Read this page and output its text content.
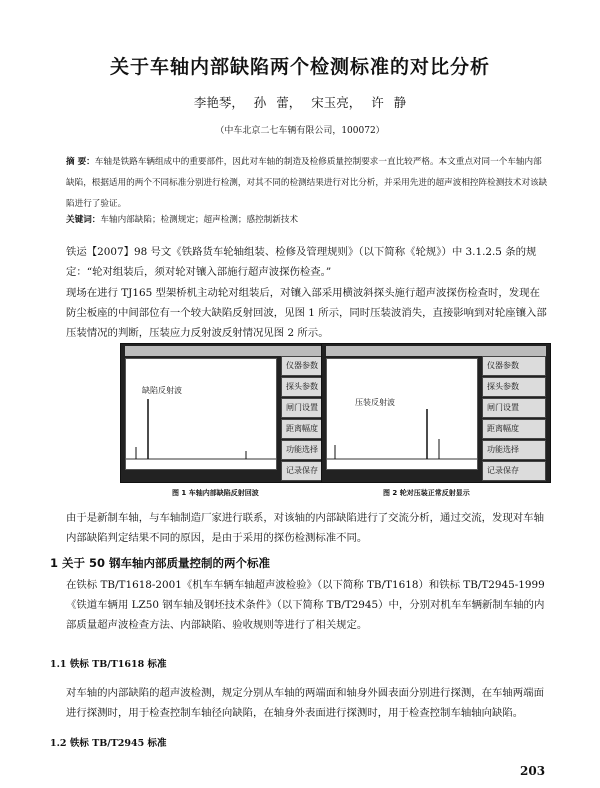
关于车轴内部缺陷两个检测标准的对比分析
李艳琴， 孙 蕾， 宋玉亮， 许 静
（中车北京二七车辆有限公司，100072）
摘 要：车轴是铁路车辆组成中的重要部件，因此对车轴的制造及检修质量控制要求一直比较严格。本文重点对同一个车轴内部缺陷，根据适用的两个不同标准分别进行检测，对其不同的检测结果进行对比分析，并采用先进的超声波相控阵检测技术对该缺陷进行了验证。
关键词：车轴内部缺陷；检测规定；超声检测；感控制新技术
铁运【2007】98 号文《铁路货车轮轴组装、检修及管理规则》（以下简称《轮规》）中 3.1.2.5 条的规定：“轮对组装后，须对轮对镶入部施行超声波探伤检查。”
现场在进行 TJ165 型架桥机主动轮对组装后，对镶入部采用横波斜探头施行超声波探伤检查时，发现在防尘板座的中间部位有一个较大缺陷反射回波，见图 1 所示，同时压装波消失，直接影响到对轮座镶入部压装情况的判断，压装应力反射波反射情况见图 2 所示。
缺陷反射波
仪器参数
探头参数
闸门设置
距离幅度
功能选择
记录保存
压装反射波
仪器参数
探头参数
闸门设置
距离幅度
功能选择
记录保存
图 1 车轴内部缺陷反射回波	图 2 轮对压装正常反射显示
由于是新制车轴，与车轴制造厂家进行联系，对该轴的内部缺陷进行了交流分析，通过交流，发现对车轴内部缺陷判定结果不同的原因，是由于采用的探伤检测标准不同。
1 关于 50 钢车轴内部质量控制的两个标准
在铁标 TB/T1618-2001《机车车辆车轴超声波检验》（以下简称 TB/T1618）和铁标 TB/T2945-1999《铁道车辆用 LZ50 钢车轴及钢坯技术条件》（以下简称 TB/T2945）中，分别对机车车辆新制车轴的内部质量超声波检查方法、内部缺陷、验收规则等进行了相关规定。
1.1 铁标 TB/T1618 标准
对车轴的内部缺陷的超声波检测，规定分别从车轴的两端面和轴身外圆表面分别进行探测，在车轴两端面进行探测时，用于检查控制车轴径向缺陷，在轴身外表面进行探测时，用于检查控制车轴轴向缺陷。
1.2 铁标 TB/T2945 标准
203
